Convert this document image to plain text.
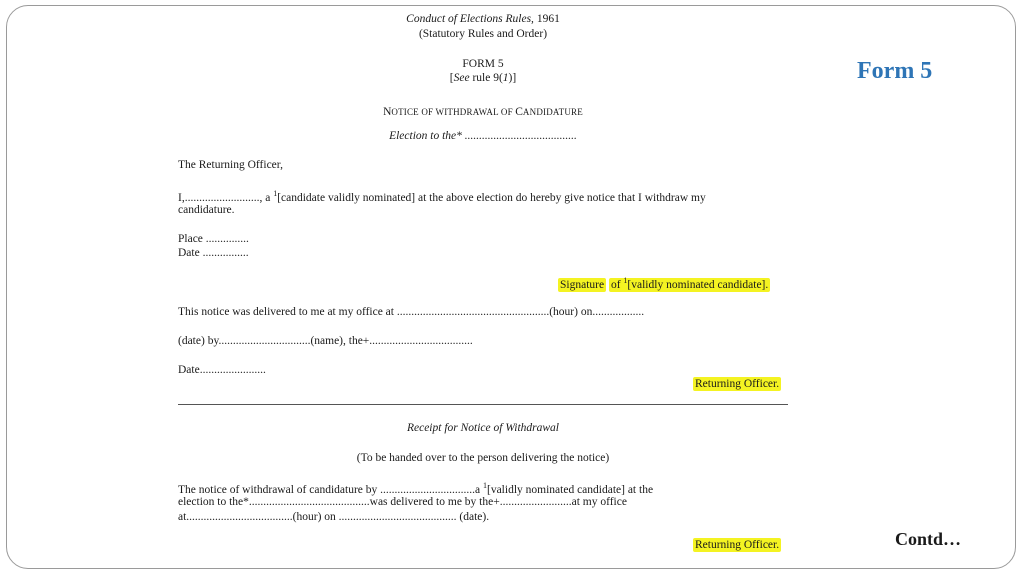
Form 5
Contd…
Conduct of Elections Rules, 1961
(Statutory Rules and Order)
FORM 5
[See rule 9(1)]
NOTICE OF WITHDRAWAL OF CANDIDATURE
Election to the* .......................................
The Returning Officer,
I,.........................., a $^1$[candidate validly nominated] at the above election do hereby give notice that I withdraw my
candidature.
Place ...............
Date ................
Signature of $^1$[validly nominated candidate].
This notice was delivered to me at my office at .....................................................(hour) on..................
(date) by................................(name), the+....................................
Date.......................
Returning Officer.
Receipt for Notice of Withdrawal
(To be handed over to the person delivering the notice)
The notice of withdrawal of candidature by .................................a $^1$[validly nominated candidate] at the
election to the*..........................................was delivered to me by the+.........................at my office
at.....................................(hour) on ......................................... (date).
Returning Officer.
